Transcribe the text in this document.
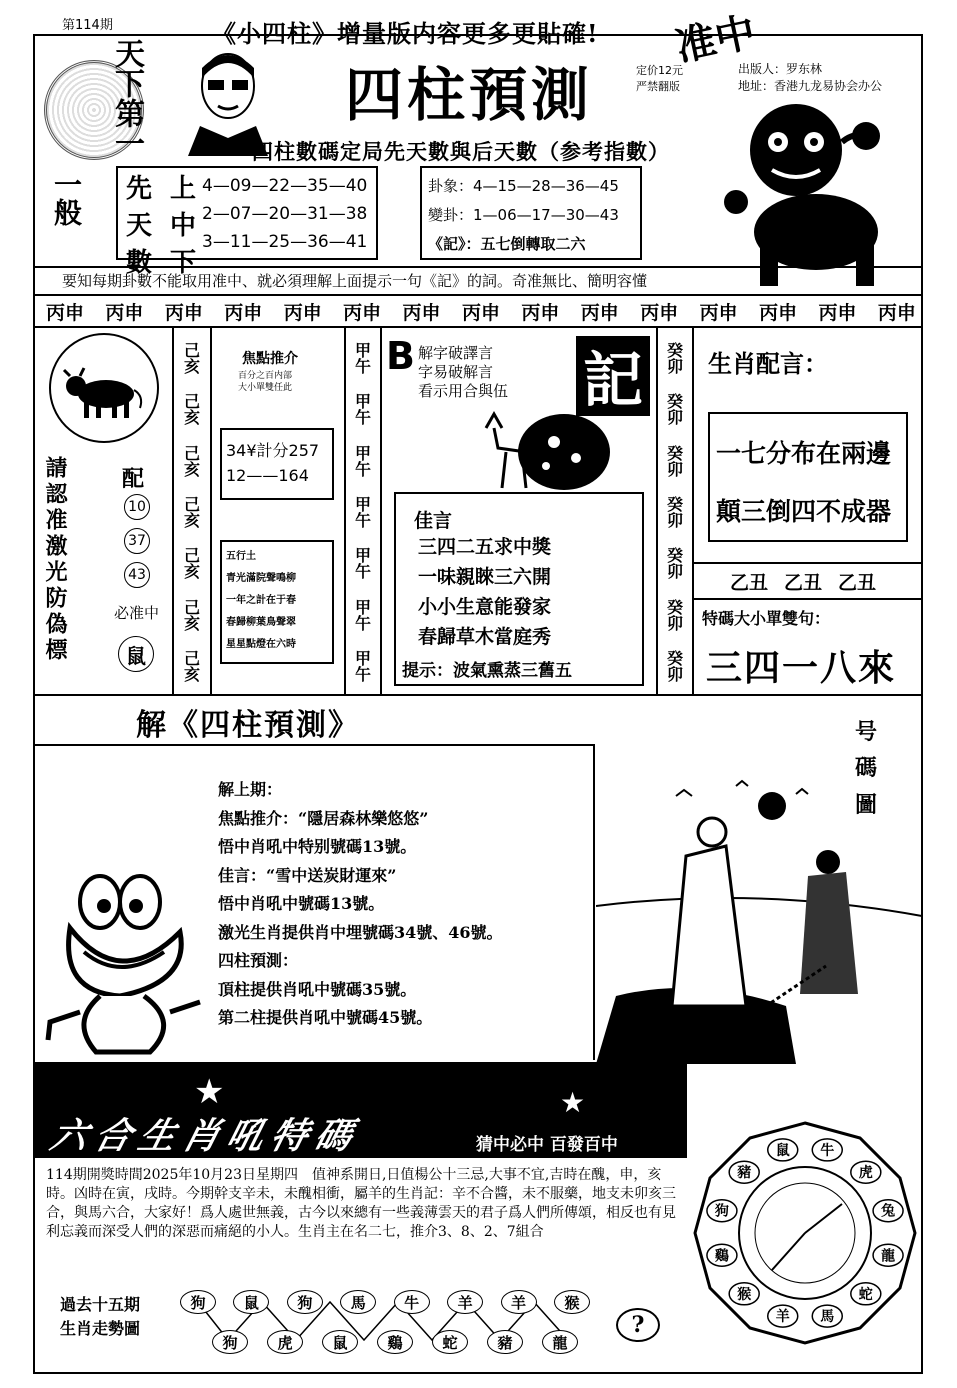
第114期	《小四柱》增量版内容更多更貼確! 准中
天下第一
一般
四柱預測	定价12元
严禁翻版
出版人：罗东林
地址：香港九龙易协会办公
四柱數碼定局先天數與后天數（参考指數）
先
天
數
上
中
下
4—09—22—35—40
2—07—20—31—38
3—11—25—36—41
卦象：4—15—28—36—45
變卦：1—06—17—30—43
《記》：五七倒轉取二六
要知每期卦數不能取用准中、就必須理解上面提示一句《記》的詞。奇准無比、簡明容懂
丙申 丙申 丙申 丙申 丙申 丙申 丙申 丙申 丙申 丙申 丙申 丙申 丙申 丙申 丙申
請認准激光防偽標 配
10
37
43
必准中
鼠
己亥
己亥
己亥
己亥
己亥
己亥
己亥
焦點推介
百分之百内部
大小單雙任此
34¥計分257
12——164
五行土
青光滿院聲鳴柳
一年之計在于春
春歸柳葉鳥聲翠
星星點燈在六時
甲午
甲午
甲午
甲午
甲午
甲午
甲午
B 解字破譯言
字易破解言
看示用合與伍 記
佳言
三四二五求中獎
一味親睞三六開
小小生意能發家
春歸草木當庭秀
提示：波氣熏蒸三舊五
癸卯
癸卯
癸卯
癸卯
癸卯
癸卯
癸卯
生肖配言：
一七分布在兩邊
顛三倒四不成器
乙丑 乙丑 乙丑
特碼大小單雙句：
三四一八來
解《四柱預測》
解上期：
焦點推介：“隱居森林樂悠悠”
悟中肖吼中特别號碼13號。
佳言：“雪中送炭財運來”
悟中肖吼中號碼13號。
激光生肖提供肖中埋號碼34號、46號。
四柱預測：
頂柱提供肖吼中號碼35號。
第二柱提供肖吼中號碼45號。
号
碼
圖
★	★
六合生肖吼特碼	猜中必中 百發百中
114期開獎時間2025年10月23日星期四　值神系開日,日值楊公十三忌,大事不宜,吉時在醜，申，亥時。凶時在寅，戌時。今期幹支辛未，未醜相衝，屬羊的生肖記：辛不合醬，未不服藥，地支未卯亥三合，與馬六合，大家好！爲人處世無義，古今以來總有一些義薄雲天的君子爲人們所傳頌，相反也有見利忘義而深受人們的深惡而痛絕的小人。生肖主在名二七，推介3、8、2、7組合
過去十五期
生肖走勢圖
狗	鼠	狗	馬	牛	羊	羊	猴
狗	虎	鼠	鷄	蛇	豬	龍
?
牛
虎
兔
龍
蛇
馬
羊
猴
鷄
狗
豬
鼠
